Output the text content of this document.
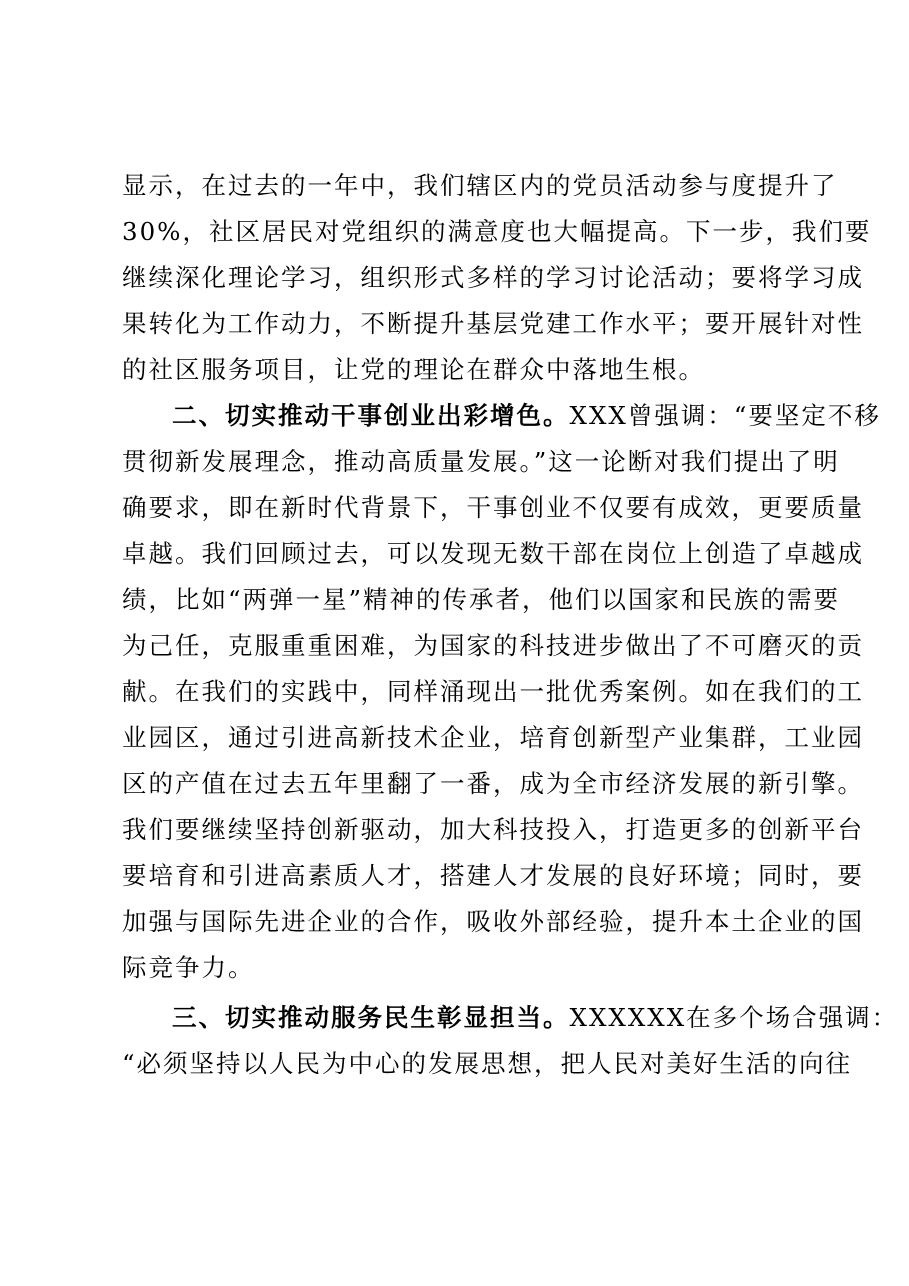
显示，在过去的一年中，我们辖区内的党员活动参与度提升了
30%，社区居民对党组织的满意度也大幅提高。下一步，我们要
继续深化理论学习，组织形式多样的学习讨论活动；要将学习成
果转化为工作动力，不断提升基层党建工作水平；要开展针对性
的社区服务项目，让党的理论在群众中落地生根。
二、切实推动干事创业出彩增色。XXX曾强调：“要坚定不移
贯彻新发展理念，推动高质量发展。”这一论断对我们提出了明
确要求，即在新时代背景下，干事创业不仅要有成效，更要质量
卓越。我们回顾过去，可以发现无数干部在岗位上创造了卓越成
绩，比如“两弹一星”精神的传承者，他们以国家和民族的需要
为己任，克服重重困难，为国家的科技进步做出了不可磨灭的贡
献。在我们的实践中，同样涌现出一批优秀案例。如在我们的工
业园区，通过引进高新技术企业，培育创新型产业集群，工业园
区的产值在过去五年里翻了一番，成为全市经济发展的新引擎。
我们要继续坚持创新驱动，加大科技投入，打造更多的创新平台
要培育和引进高素质人才，搭建人才发展的良好环境；同时，要
加强与国际先进企业的合作，吸收外部经验，提升本土企业的国
际竞争力。
三、切实推动服务民生彰显担当。XXXXXX在多个场合强调：
“必须坚持以人民为中心的发展思想，把人民对美好生活的向往
